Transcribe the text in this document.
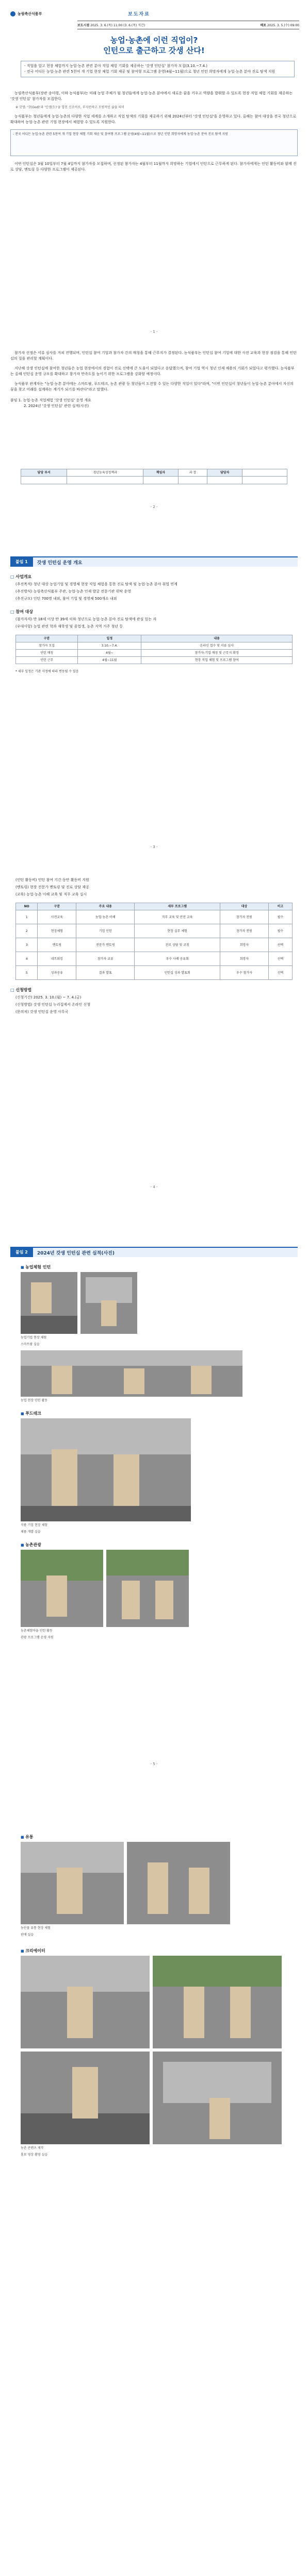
농림축산식품부	보도자료
보도시점 2025. 3. 6.(목) 11:00 (3. 6.(목) 석간)	배포 2025. 3. 5.(수) 09:00
농업·농촌에 이런 직업이?
인턴으로 출근하고 갓생 산다!
- 직업을 알고 현장 체험까지 농업·농촌 관련 분야 직업 체험 기회를 제공하는 '갓생 인턴십' 참가자 모집(3.10.~7.4.)
- 전국 어디든 농업·농촌 관련 5천여 개 기업 현장 체험 기회 제공 및 참여형 프로그램 운영(4월~11월)으로 청년 인턴 희망자에게 농업·농촌 분야 진로 탐색 지원

농림축산식품부(장관 송미령, 이하 농식품부)는 미래 농업 주체가 될 청년들에게 농업·농촌 분야에서 새로운 꿈을 키우고 역량을 발휘할 수 있도록 현장 직업 체험 기회를 제공하는 '갓생 인턴십' 참가자를 모집한다.

※ 갓생: '갓(God)'과 '인생(生)'을 합친 신조어로, 부지런하고 모범적인 삶을 의미

농식품부는 청년들에게 농업·농촌의 다양한 직업 세계를 소개하고 직업 탐색의 기회를 제공하기 위해 2024년부터 '갓생 인턴십'을 운영하고 있다. 올해는 참여 대상을 전국 청년으로 확대하여 농업·농촌 관련 기업 현장에서 체험할 수 있도록 지원한다.

- 전국 어디든 농업·농촌 관련 5천여 개 기업 현장 체험 기회 제공 및 참여형 프로그램 운영(4월~11월)으로 청년 인턴 희망자에게 농업·농촌 분야 진로 탐색 지원

이번 인턴십은 3월 10일부터 7월 4일까지 참가자를 모집하며, 선정된 참가자는 4월부터 11월까지 희망하는 기업에서 인턴으로 근무하게 된다. 참가자에게는 인턴 활동비와 함께 진로 상담, 멘토링 등 다양한 프로그램이 제공된다.

- 1 -

참가자 선정은 서류 심사를 거쳐 진행되며, 인턴십 참여 기업과 참가자 간의 매칭을 통해 근무지가 결정된다. 농식품부는 인턴십 참여 기업에 대한 사전 교육과 현장 점검을 통해 인턴십의 질을 관리할 계획이다.

지난해 갓생 인턴십에 참여한 청년들은 농업 현장에서의 경험이 진로 선택에 큰 도움이 되었다고 응답했으며, 참여 기업 역시 청년 인재 채용의 기회가 되었다고 평가했다. 농식품부는 올해 인턴십 운영 규모를 확대하고 참가자 만족도를 높이기 위한 프로그램을 강화할 예정이다.

농식품부 관계자는 "농업·농촌 분야에는 스마트팜, 푸드테크, 농촌 관광 등 청년들이 도전할 수 있는 다양한 직업이 있다"라며, "이번 인턴십이 청년들이 농업·농촌 분야에서 자신의 꿈을 찾고 미래를 설계하는 계기가 되기를 바란다"라고 말했다.

붙임 1. 농업·농촌 직업체험 '갓생 인턴십' 운영 개요

2. 2024년 '갓생 인턴십' 관련 실적(사진)

담당 부서	청년농육성정책과	책임자	과 장	담당자	

- 2 -
붙임 1	갓생 인턴십 운영 개요
□ 사업개요
(추진목적) 청년 대상 농업기업 및 경영체 현장 직업 체험을 통한 진로 탐색 및 농업·농촌 분야 취업 연계
(추진방식) 농림축산식품부 주관, 농업·농촌 인재 발굴 전문기관 위탁 운영
(추진규모) 인턴 700명 내외, 참여 기업 및 경영체 500개소 내외
□ 참여 대상
(참가자격) 만 18세 이상 만 39세 이하 청년으로 농업·농촌 분야 진로 탐색에 관심 있는 자
(우대사항) 농업 관련 학과 재학생 및 졸업생, 농촌 지역 거주 청년 등
구분	일정	내용
참가자 모집	3.10.~7.4.	온라인 접수 및 서류 심사
인턴 매칭	4월~	참가자-기업 매칭 및 근무지 확정
인턴 근무	4월~11월	현장 직업 체험 및 프로그램 참여
* 세부 일정은 기관 사정에 따라 변동될 수 있음
- 3 -
(인턴 활동비) 인턴 참여 기간 동안 활동비 지원
(멘토링) 현장 전문가 멘토링 및 진로 상담 제공
(교육) 농업·농촌 이해 교육 및 직무 교육 실시
NO	구분	주요 내용	세부 프로그램	대상	비고
1	사전교육	농업·농촌 이해	직무 교육 및 안전 교육	참가자 전원	필수
2	현장체험	기업 인턴	현장 실무 체험	참가자 전원	필수
3	멘토링	전문가 멘토링	진로 상담 및 코칭	희망자	선택
4	네트워킹	참가자 교류	우수 사례 공유회	희망자	선택
5	성과공유	결과 발표	인턴십 성과 발표회	우수 참가자	선택
□ 신청방법
(신청기간) 2025. 3. 10.(월) ~ 7. 4.(금)
(신청방법) 갓생 인턴십 누리집에서 온라인 신청
(문의처) 갓생 인턴십 운영 사무국
- 4 -
붙임 2	2024년 갓생 인턴십 관련 실적(사진)
■ 농업체험 인턴
농업기업 현장 체험
스마트팜 실습
농업 현장 인턴 활동
■ 푸드테크
식품 기업 현장 체험
제품 개발 실습
■ 농촌관광
농촌체험마을 인턴 활동
관광 프로그램 운영 지원
- 5 -
■ 유통
농산물 유통 현장 체험
판매 실습
■ 크리에이터
농촌 콘텐츠 제작
홍보 영상 촬영 실습
